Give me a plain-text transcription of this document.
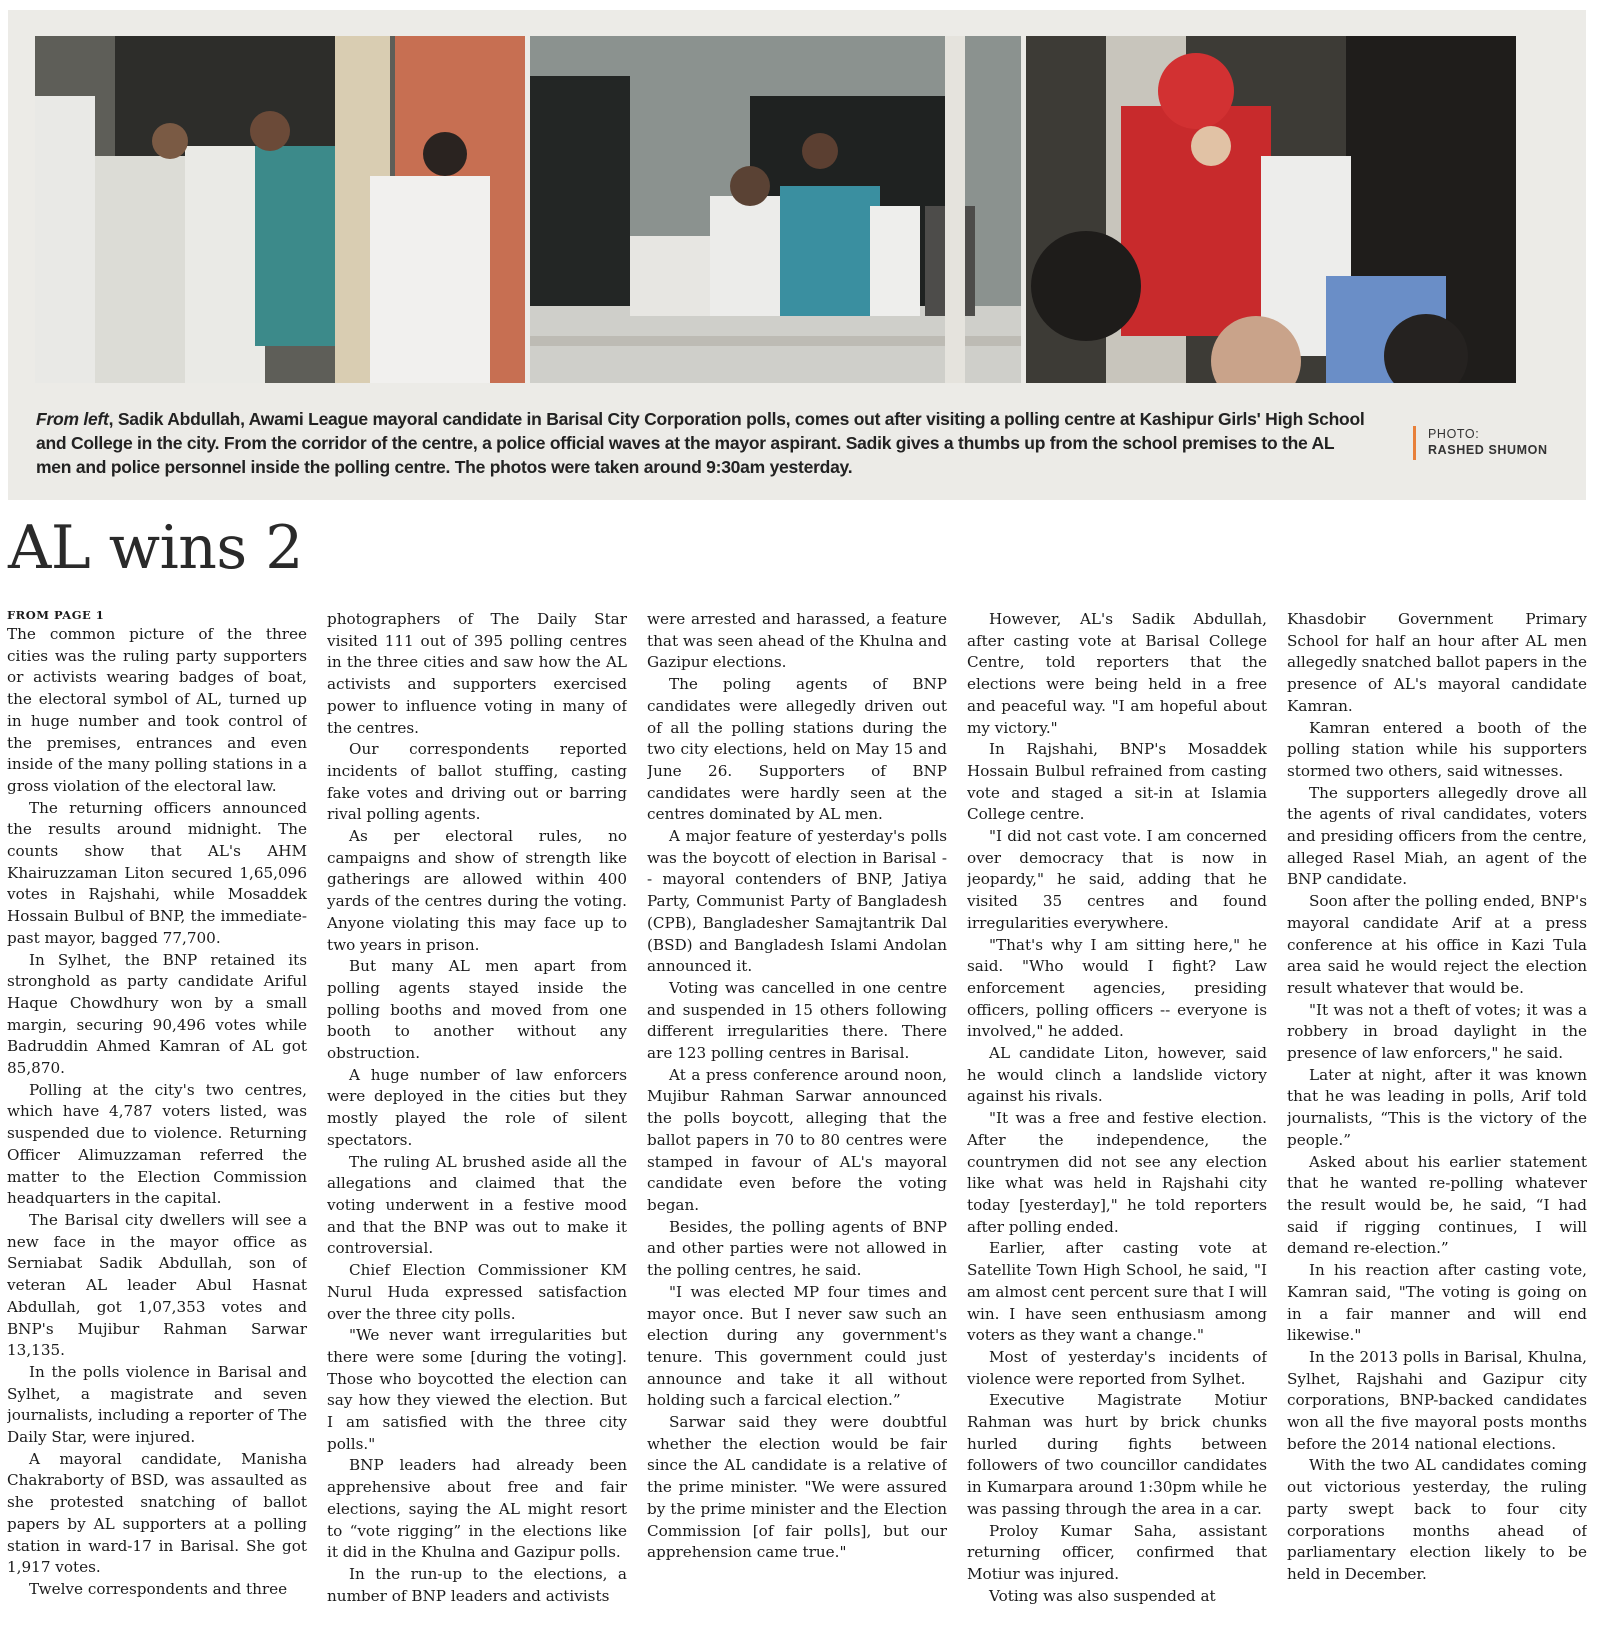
From left, Sadik Abdullah, Awami League mayoral candidate in Barisal City Corporation polls, comes out after visiting a polling centre at Kashipur Girls' High School and College in the city. From the corridor of the centre, a police official waves at the mayor aspirant. Sadik gives a thumbs up from the school premises to the AL men and police personnel inside the polling centre. The photos were taken around 9:30am yesterday.
PHOTO:
RASHED SHUMON
AL wins 2
FROM PAGE 1

The common picture of the three cities was the ruling party supporters or activists wearing badges of boat, the electoral symbol of AL, turned up in huge number and took control of the premises, entrances and even inside of the many polling stations in a gross violation of the electoral law.

The returning officers announced the results around midnight. The counts show that AL's AHM Khairuzzaman Liton secured 1,65,096 votes in Rajshahi, while Mosaddek Hossain Bulbul of BNP, the immediate-past mayor, bagged 77,700.

In Sylhet, the BNP retained its stronghold as party candidate Ariful Haque Chowdhury won by a small margin, securing 90,496 votes while Badruddin Ahmed Kamran of AL got 85,870.

Polling at the city's two centres, which have 4,787 voters listed, was suspended due to violence. Returning Officer Alimuzzaman referred the matter to the Election Commission headquarters in the capital.

The Barisal city dwellers will see a new face in the mayor office as Serniabat Sadik Abdullah, son of veteran AL leader Abul Hasnat Abdullah, got 1,07,353 votes and BNP's Mujibur Rahman Sarwar 13,135.

In the polls violence in Barisal and Sylhet, a magistrate and seven journalists, including a reporter of The Daily Star, were injured.

A mayoral candidate, Manisha Chakraborty of BSD, was assaulted as she protested snatching of ballot papers by AL supporters at a polling station in ward-17 in Barisal. She got 1,917 votes.

Twelve correspondents and three

photographers of The Daily Star visited 111 out of 395 polling centres in the three cities and saw how the AL activists and supporters exercised power to influence voting in many of the centres.

Our correspondents reported incidents of ballot stuffing, casting fake votes and driving out or barring rival polling agents.

As per electoral rules, no campaigns and show of strength like gatherings are allowed within 400 yards of the centres during the voting. Anyone violating this may face up to two years in prison.

But many AL men apart from polling agents stayed inside the polling booths and moved from one booth to another without any obstruction.

A huge number of law enforcers were deployed in the cities but they mostly played the role of silent spectators.

The ruling AL brushed aside all the allegations and claimed that the voting underwent in a festive mood and that the BNP was out to make it controversial.

Chief Election Commissioner KM Nurul Huda expressed satisfaction over the three city polls.

"We never want irregularities but there were some [during the voting]. Those who boycotted the election can say how they viewed the election. But I am satisfied with the three city polls."

BNP leaders had already been apprehensive about free and fair elections, saying the AL might resort to “vote rigging” in the elections like it did in the Khulna and Gazipur polls.

In the run-up to the elections, a number of BNP leaders and activists

were arrested and harassed, a feature that was seen ahead of the Khulna and Gazipur elections.

The poling agents of BNP candidates were allegedly driven out of all the polling stations during the two city elections, held on May 15 and June 26. Supporters of BNP candidates were hardly seen at the centres dominated by AL men.

A major feature of yesterday's polls was the boycott of election in Barisal -- mayoral contenders of BNP, Jatiya Party, Communist Party of Bangladesh (CPB), Bangladesher Samajtantrik Dal (BSD) and Bangladesh Islami Andolan announced it.

Voting was cancelled in one centre and suspended in 15 others following different irregularities there. There are 123 polling centres in Barisal.

At a press conference around noon, Mujibur Rahman Sarwar announced the polls boycott, alleging that the ballot papers in 70 to 80 centres were stamped in favour of AL's mayoral candidate even before the voting began.

Besides, the polling agents of BNP and other parties were not allowed in the polling centres, he said.

"I was elected MP four times and mayor once. But I never saw such an election during any government's tenure. This government could just announce and take it all without holding such a farcical election.”

Sarwar said they were doubtful whether the election would be fair since the AL candidate is a relative of the prime minister. "We were assured by the prime minister and the Election Commission [of fair polls], but our apprehension came true."

However, AL's Sadik Abdullah, after casting vote at Barisal College Centre, told reporters that the elections were being held in a free and peaceful way. "I am hopeful about my victory."

In Rajshahi, BNP's Mosaddek Hossain Bulbul refrained from casting vote and staged a sit-in at Islamia College centre.

"I did not cast vote. I am concerned over democracy that is now in jeopardy," he said, adding that he visited 35 centres and found irregularities everywhere.

"That's why I am sitting here," he said. "Who would I fight? Law enforcement agencies, presiding officers, polling officers -- everyone is involved," he added.

AL candidate Liton, however, said he would clinch a landslide victory against his rivals.

"It was a free and festive election. After the independence, the countrymen did not see any election like what was held in Rajshahi city today [yesterday]," he told reporters after polling ended.

Earlier, after casting vote at Satellite Town High School, he said, "I am almost cent percent sure that I will win. I have seen enthusiasm among voters as they want a change."

Most of yesterday's incidents of violence were reported from Sylhet.

Executive Magistrate Motiur Rahman was hurt by brick chunks hurled during fights between followers of two councillor candidates in Kumarpara around 1:30pm while he was passing through the area in a car.

Proloy Kumar Saha, assistant returning officer, confirmed that Motiur was injured.

Voting was also suspended at

Khasdobir Government Primary School for half an hour after AL men allegedly snatched ballot papers in the presence of AL's mayoral candidate Kamran.

Kamran entered a booth of the polling station while his supporters stormed two others, said witnesses.

The supporters allegedly drove all the agents of rival candidates, voters and presiding officers from the centre, alleged Rasel Miah, an agent of the BNP candidate.

Soon after the polling ended, BNP's mayoral candidate Arif at a press conference at his office in Kazi Tula area said he would reject the election result whatever that would be.

"It was not a theft of votes; it was a robbery in broad daylight in the presence of law enforcers," he said.

Later at night, after it was known that he was leading in polls, Arif told journalists, “This is the victory of the people.”

Asked about his earlier statement that he wanted re-polling whatever the result would be, he said, “I had said if rigging continues, I will demand re-election.”

In his reaction after casting vote, Kamran said, "The voting is going on in a fair manner and will end likewise."

In the 2013 polls in Barisal, Khulna, Sylhet, Rajshahi and Gazipur city corporations, BNP-backed candidates won all the five mayoral posts months before the 2014 national elections.

With the two AL candidates coming out victorious yesterday, the ruling party swept back to four city corporations months ahead of parliamentary election likely to be held in December.
